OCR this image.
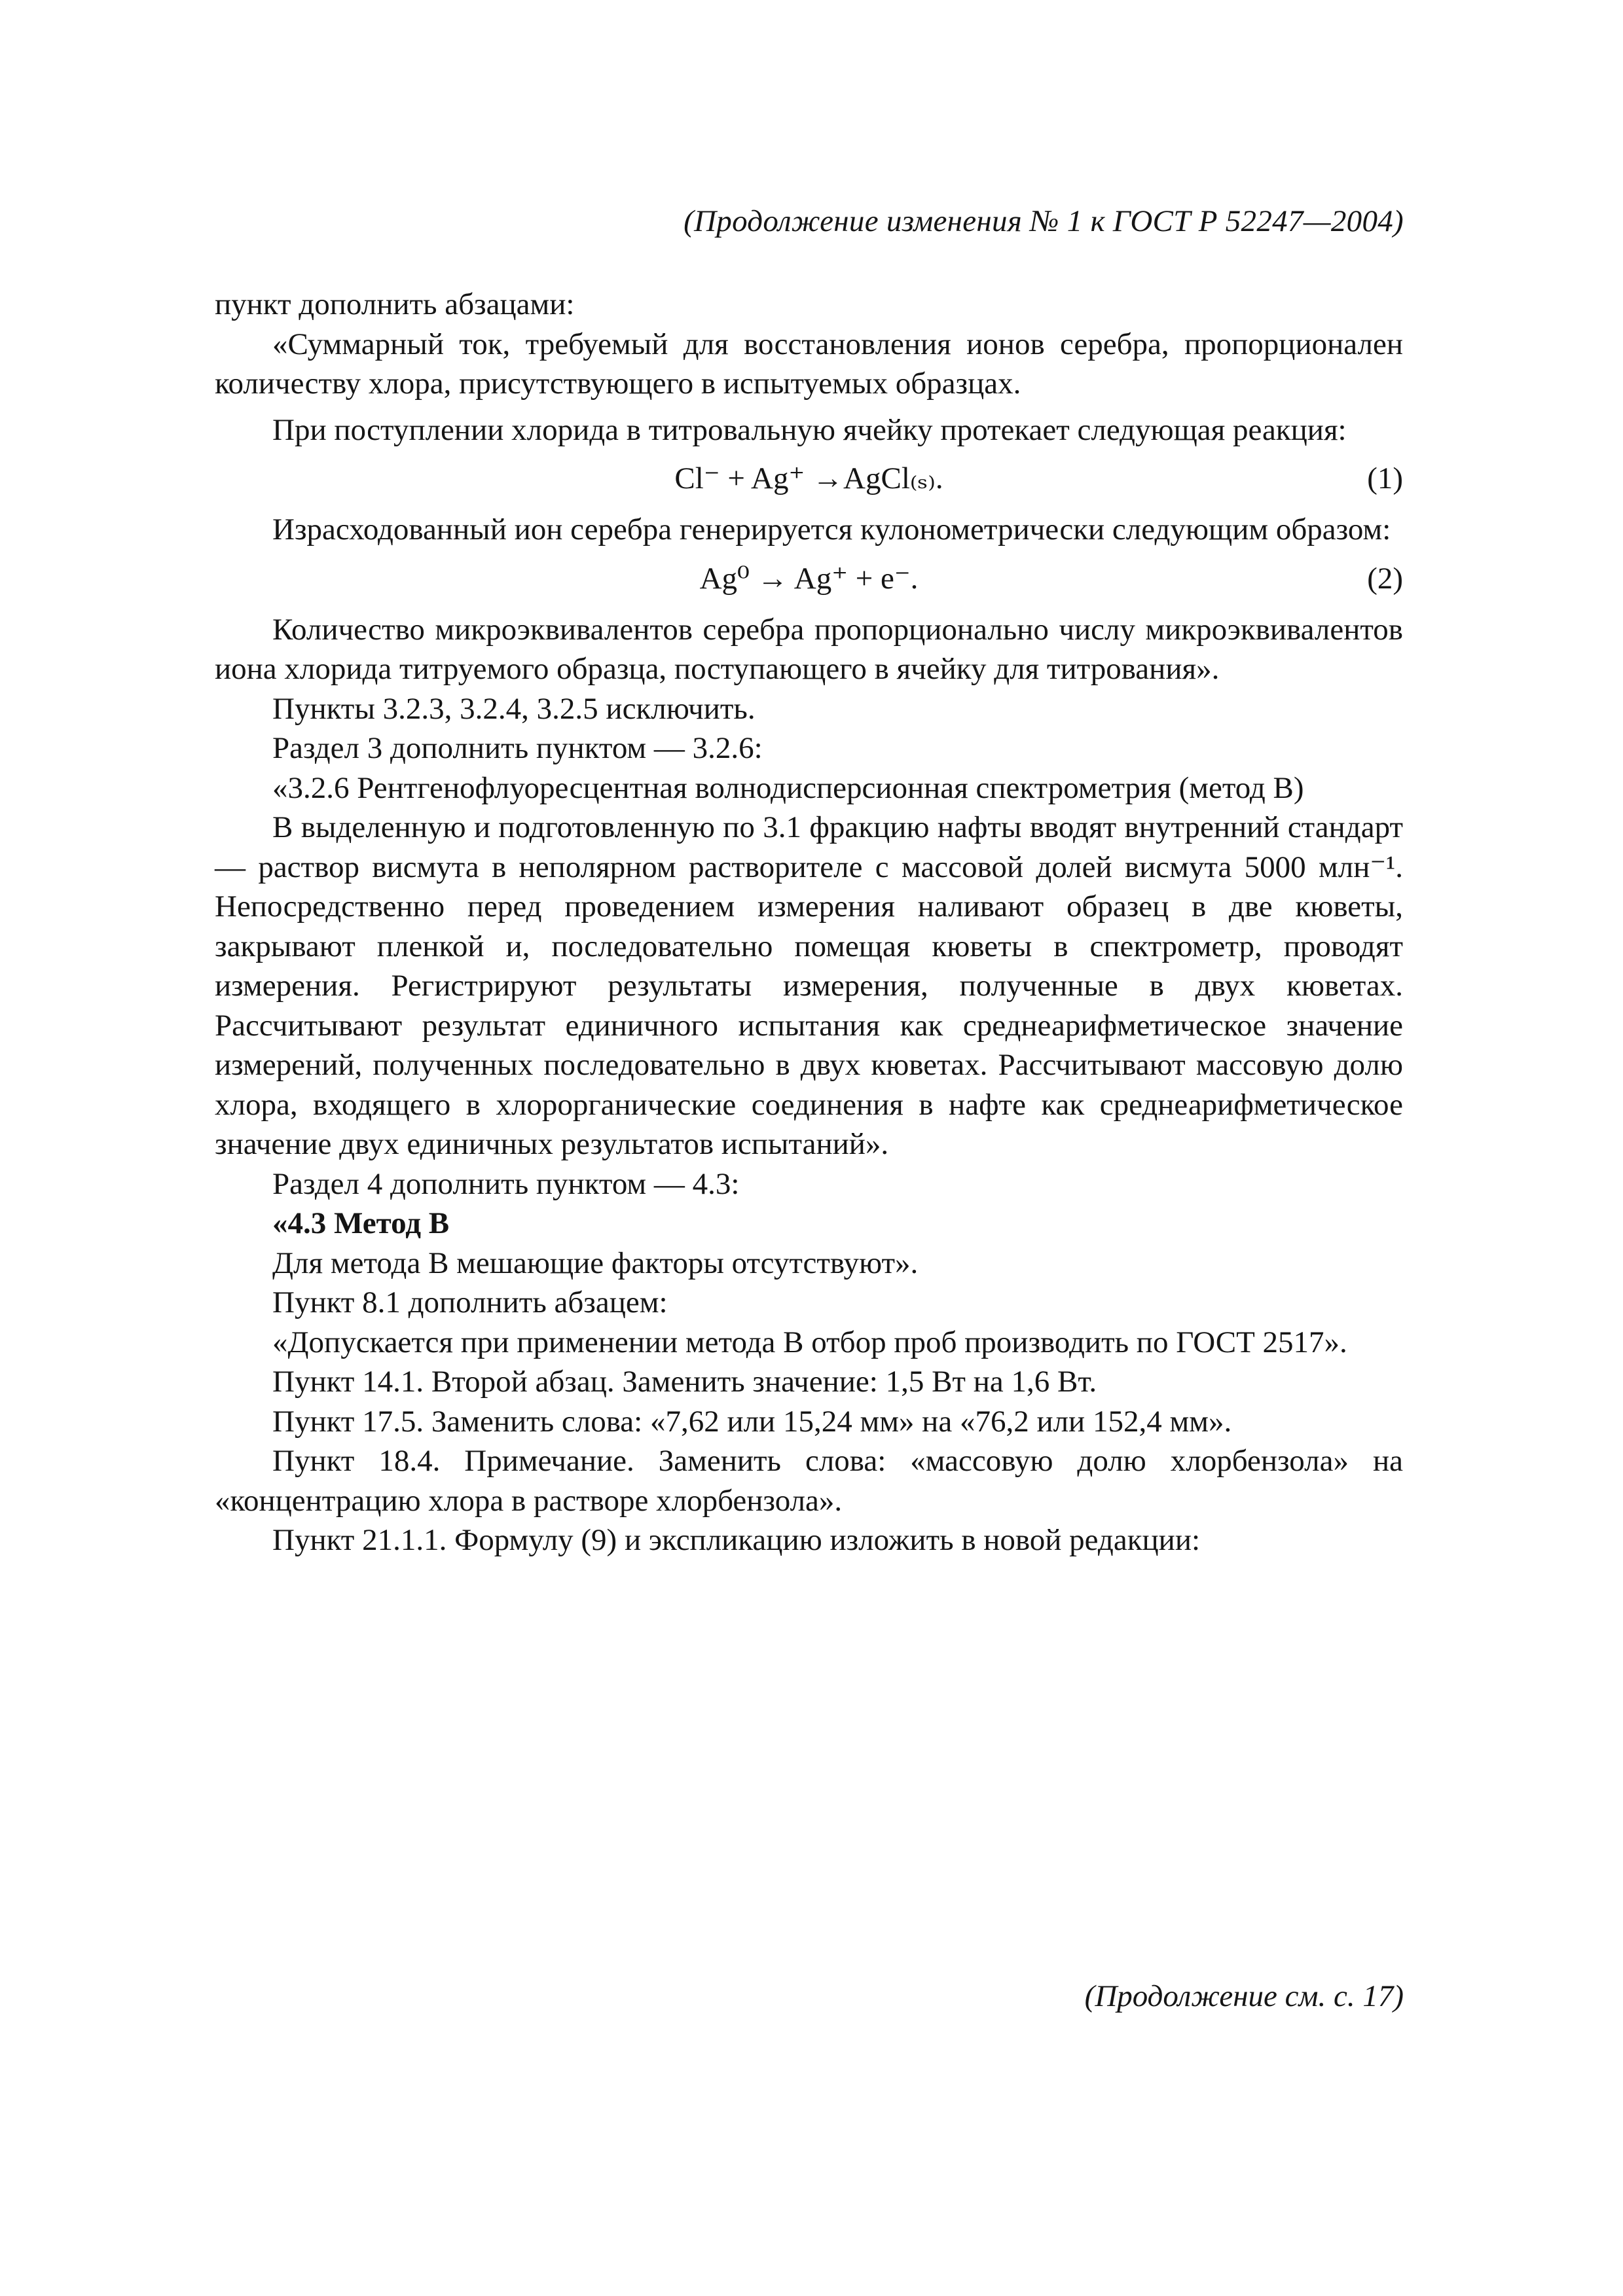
(Продолжение изменения № 1 к ГОСТ Р 52247—2004)

пункт дополнить абзацами:

«Суммарный ток, требуемый для восстановления ионов серебра, пропорционален количеству хлора, присутствующего в испытуемых образцах.

При поступлении хлорида в титровальную ячейку протекает следующая реакция:

Cl⁻ + Ag⁺ →AgCl₍ₛ₎.	(1)

Израсходованный ион серебра генерируется кулонометрически следующим образом:

Ag⁰ → Ag⁺ + e⁻.	(2)

Количество микроэквивалентов серебра пропорционально числу микроэквивалентов иона хлорида титруемого образца, поступающего в ячейку для титрования».

Пункты 3.2.3, 3.2.4, 3.2.5 исключить.

Раздел 3 дополнить пунктом — 3.2.6:

«3.2.6 Рентгенофлуоресцентная волнодисперсионная спектрометрия (метод В)

В выделенную и подготовленную по 3.1 фракцию нафты вводят внутренний стандарт — раствор висмута в неполярном растворителе с массовой долей висмута 5000 млн⁻¹. Непосредственно перед проведением измерения наливают образец в две кюветы, закрывают пленкой и, последовательно помещая кюветы в спектрометр, проводят измерения. Регистрируют результаты измерения, полученные в двух кюветах. Рассчитывают результат единичного испытания как среднеарифметическое значение измерений, полученных последовательно в двух кюветах. Рассчитывают массовую долю хлора, входящего в хлорорганические соединения в нафте как среднеарифметическое значение двух единичных результатов испытаний».

Раздел 4 дополнить пунктом — 4.3:

«4.3 Метод В

Для метода В мешающие факторы отсутствуют».

Пункт 8.1 дополнить абзацем:

«Допускается при применении метода В отбор проб производить по ГОСТ 2517».

Пункт 14.1. Второй абзац. Заменить значение: 1,5 Вт на 1,6 Вт.

Пункт 17.5. Заменить слова: «7,62 или 15,24 мм» на «76,2 или 152,4 мм».

Пункт 18.4. Примечание. Заменить слова: «массовую долю хлорбензола» на «концентрацию хлора в растворе хлорбензола».

Пункт 21.1.1. Формулу (9) и экспликацию изложить в новой редакции:

(Продолжение см. с. 17)
